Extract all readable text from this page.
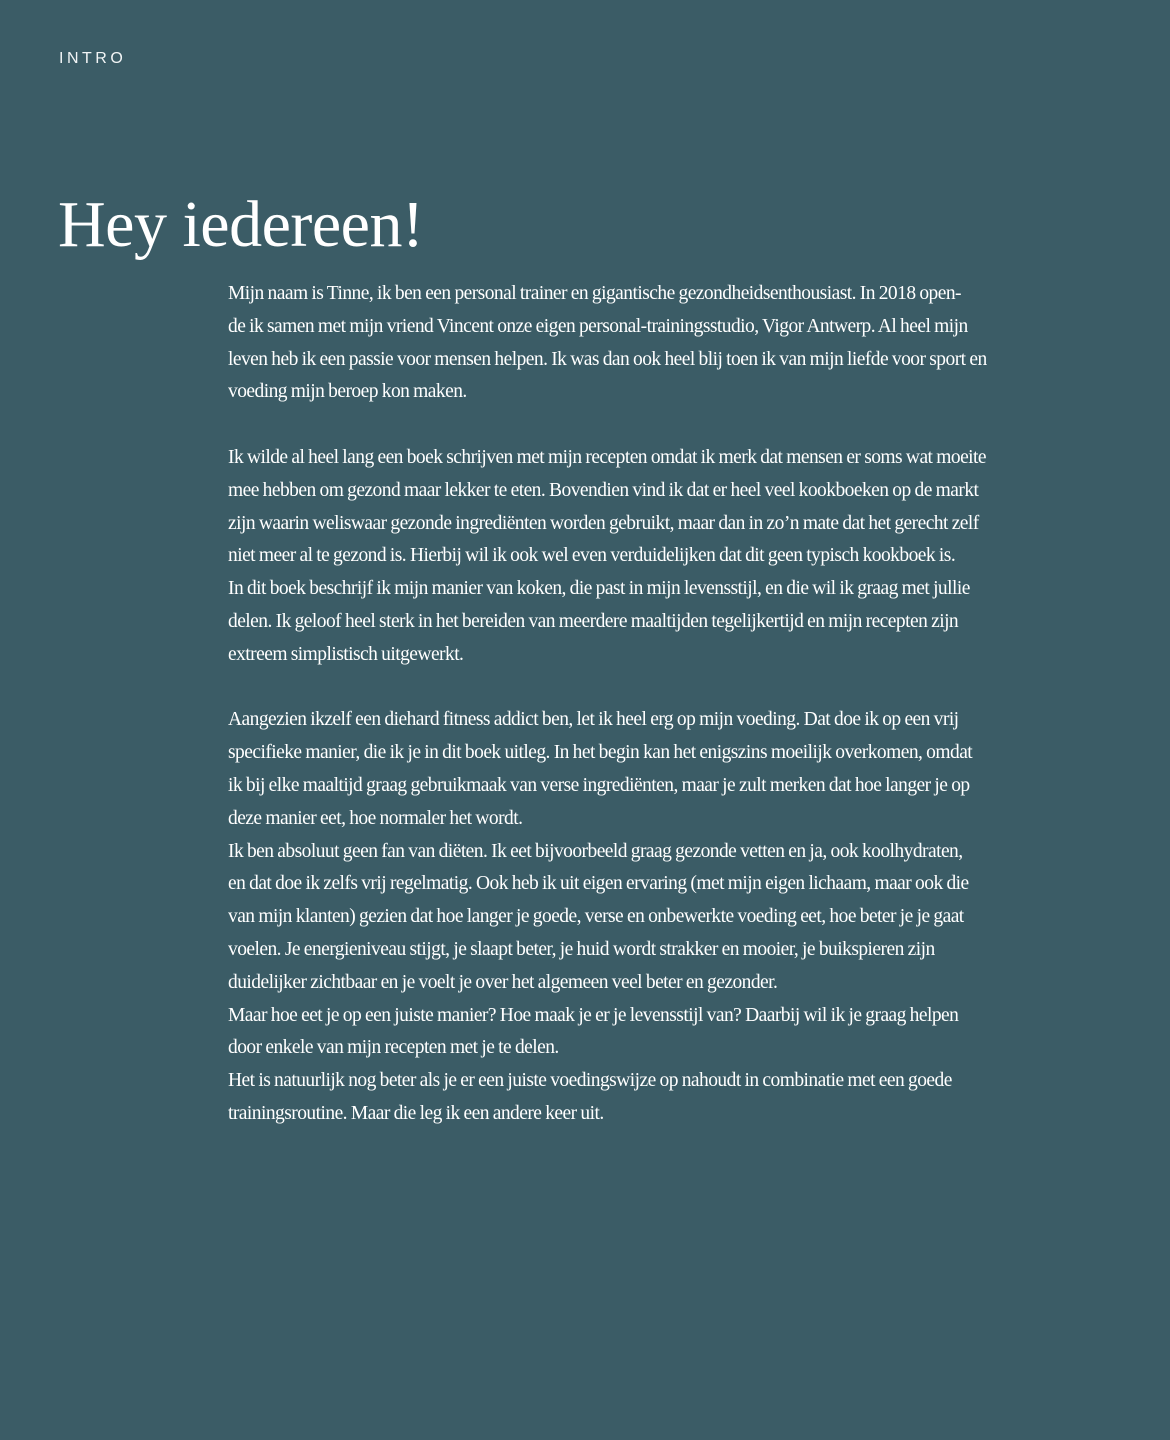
INTRO
Hey iedereen!
Mijn naam is Tinne, ik ben een personal trainer en gigantische gezondheidsenthousiast. In 2018 open-
de ik samen met mijn vriend Vincent onze eigen personal-trainingsstudio, Vigor Antwerp. Al heel mijn
leven heb ik een passie voor mensen helpen. Ik was dan ook heel blij toen ik van mijn liefde voor sport en
voeding mijn beroep kon maken.
Ik wilde al heel lang een boek schrijven met mijn recepten omdat ik merk dat mensen er soms wat moeite
mee hebben om gezond maar lekker te eten. Bovendien vind ik dat er heel veel kookboeken op de markt
zijn waarin weliswaar gezonde ingrediënten worden gebruikt, maar dan in zo’n mate dat het gerecht zelf
niet meer al te gezond is. Hierbij wil ik ook wel even verduidelijken dat dit geen typisch kookboek is.
In dit boek beschrijf ik mijn manier van koken, die past in mijn levensstijl, en die wil ik graag met jullie
delen. Ik geloof heel sterk in het bereiden van meerdere maaltijden tegelijkertijd en mijn recepten zijn
extreem simplistisch uitgewerkt.
Aangezien ikzelf een diehard fitness addict ben, let ik heel erg op mijn voeding. Dat doe ik op een vrij
specifieke manier, die ik je in dit boek uitleg. In het begin kan het enigszins moeilijk overkomen, omdat
ik bij elke maaltijd graag gebruikmaak van verse ingrediënten, maar je zult merken dat hoe langer je op
deze manier eet, hoe normaler het wordt.
Ik ben absoluut geen fan van diëten. Ik eet bijvoorbeeld graag gezonde vetten en ja, ook koolhydraten,
en dat doe ik zelfs vrij regelmatig. Ook heb ik uit eigen ervaring (met mijn eigen lichaam, maar ook die
van mijn klanten) gezien dat hoe langer je goede, verse en onbewerkte voeding eet, hoe beter je je gaat
voelen. Je energieniveau stijgt, je slaapt beter, je huid wordt strakker en mooier, je buikspieren zijn
duidelijker zichtbaar en je voelt je over het algemeen veel beter en gezonder.
Maar hoe eet je op een juiste manier? Hoe maak je er je levensstijl van? Daarbij wil ik je graag helpen
door enkele van mijn recepten met je te delen.
Het is natuurlijk nog beter als je er een juiste voedingswijze op nahoudt in combinatie met een goede
trainingsroutine. Maar die leg ik een andere keer uit.
